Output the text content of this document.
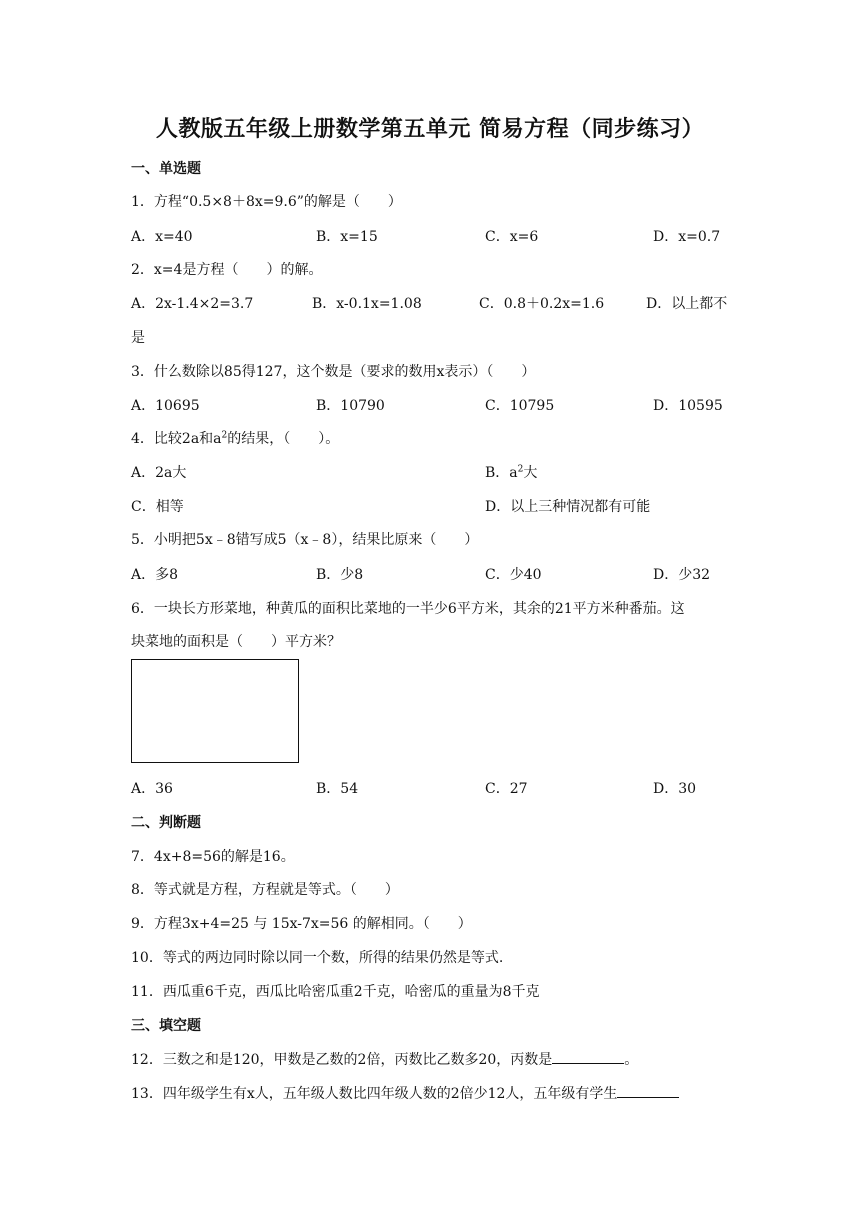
人教版五年级上册数学第五单元 简易方程（同步练习）
一、单选题
1．方程“0.5×8＋8x=9.6”的解是（　　）
A．x=40	B．x=15	C．x=6	D．x=0.7
2．x=4是方程（　　）的解。
A．2x-1.4×2=3.7	B．x-0.1x=1.08	C．0.8＋0.2x=1.6	D．以上都不
是
3．什么数除以85得127，这个数是（要求的数用x表示）（　　）
A．10695	B．10790	C．10795	D．10595
4．比较2a和$a^2$的结果，（　　）。
A．2a大	B．$a^2$大
C．相等	D．以上三种情况都有可能
5．小明把5x﹣8错写成5（x﹣8），结果比原来（　　）
A．多8	B．少8	C．少40	D．少32
6．一块长方形菜地，种黄瓜的面积比菜地的一半少6平方米，其余的21平方米种番茄。这
块菜地的面积是（　　）平方米？
A．36	B．54	C．27	D．30
二、判断题
7．4x+8=56的解是16。
8．等式就是方程，方程就是等式。（　　）
9．方程3x+4=25 与 15x-7x=56 的解相同。（　　）
10．等式的两边同时除以同一个数，所得的结果仍然是等式.
11．西瓜重6千克，西瓜比哈密瓜重2千克，哈密瓜的重量为8千克
三、填空题
12．三数之和是120，甲数是乙数的2倍，丙数比乙数多20，丙数是	。
13．四年级学生有x人，五年级人数比四年级人数的2倍少12人，五年级有学生
